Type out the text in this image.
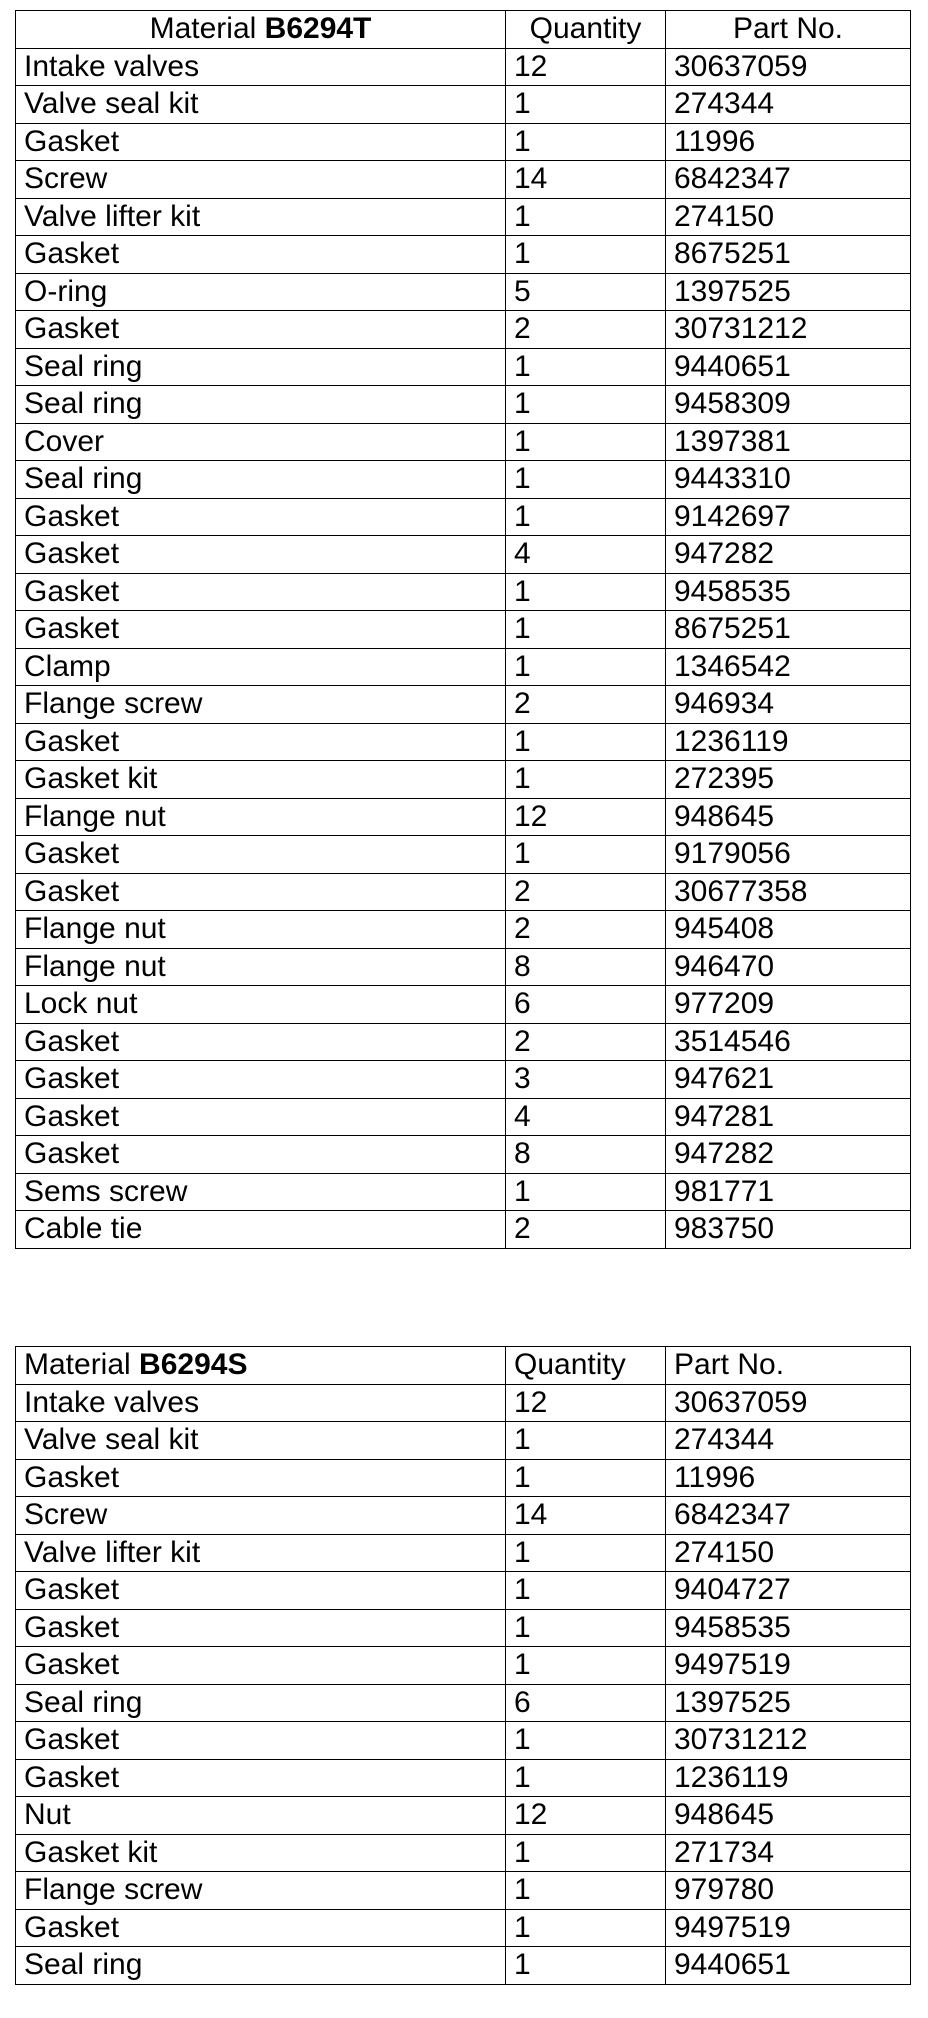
Material B6294T	Quantity	Part No.
Intake valves	12	30637059
Valve seal kit	1	274344
Gasket	1	11996
Screw	14	6842347
Valve lifter kit	1	274150
Gasket	1	8675251
O-ring	5	1397525
Gasket	2	30731212
Seal ring	1	9440651
Seal ring	1	9458309
Cover	1	1397381
Seal ring	1	9443310
Gasket	1	9142697
Gasket	4	947282
Gasket	1	9458535
Gasket	1	8675251
Clamp	1	1346542
Flange screw	2	946934
Gasket	1	1236119
Gasket kit	1	272395
Flange nut	12	948645
Gasket	1	9179056
Gasket	2	30677358
Flange nut	2	945408
Flange nut	8	946470
Lock nut	6	977209
Gasket	2	3514546
Gasket	3	947621
Gasket	4	947281
Gasket	8	947282
Sems screw	1	981771
Cable tie	2	983750
Material B6294S	Quantity	Part No.
Intake valves	12	30637059
Valve seal kit	1	274344
Gasket	1	11996
Screw	14	6842347
Valve lifter kit	1	274150
Gasket	1	9404727
Gasket	1	9458535
Gasket	1	9497519
Seal ring	6	1397525
Gasket	1	30731212
Gasket	1	1236119
Nut	12	948645
Gasket kit	1	271734
Flange screw	1	979780
Gasket	1	9497519
Seal ring	1	9440651
